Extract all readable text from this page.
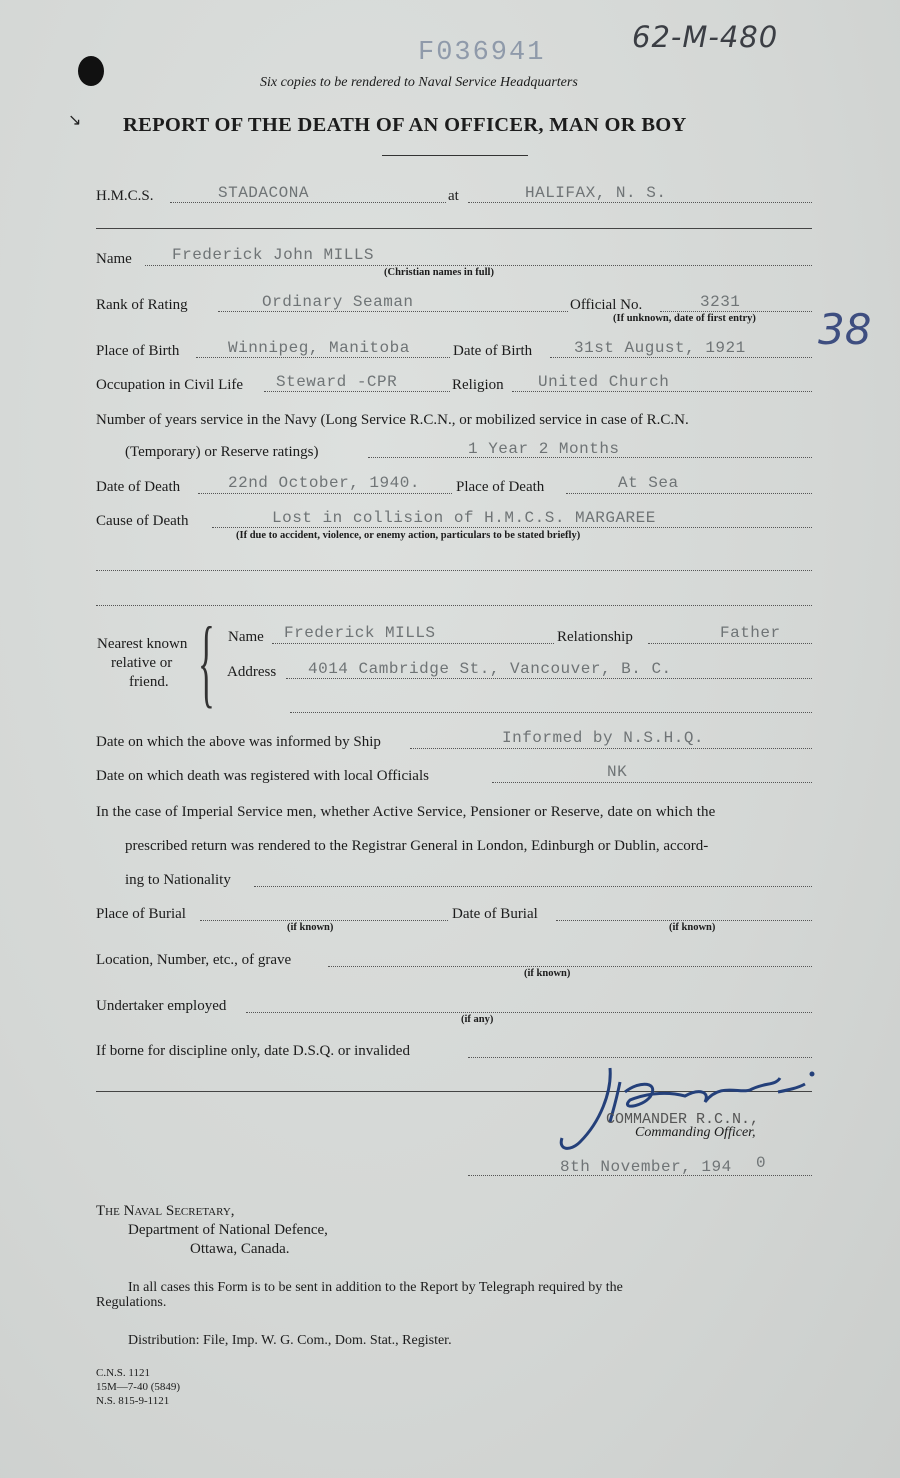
↘
F036941	62-M-480
Six copies to be rendered to Naval Service Headquarters
REPORT OF THE DEATH OF AN OFFICER, MAN OR BOY
H.M.C.S.	STADACONA	at	HALIFAX, N. S.
Name	Frederick John MILLS
(Christian names in full)
Rank of Rating	Ordinary Seaman	Official No.	3231
(If unknown, date of first entry) 38
Place of Birth	Winnipeg, Manitoba	Date of Birth	31st August, 1921
Occupation in Civil Life Steward -CPR	Religion United Church
Number of years service in the Navy (Long Service R.C.N., or mobilized service in case of R.C.N.
(Temporary) or Reserve ratings)	1 Year 2 Months
Date of Death	22nd October, 1940. Place of Death	At Sea
Cause of Death	Lost in collision of H.M.C.S. MARGAREE
(If due to accident, violence, or enemy action, particulars to be stated briefly)
Nearest known
relative or
friend. { Name Frederick MILLS	Relationship	Father
Address 4014 Cambridge St., Vancouver, B. C.
Date on which the above was informed by Ship	Informed by N.S.H.Q.
Date on which death was registered with local Officials	NK
In the case of Imperial Service men, whether Active Service, Pensioner or Reserve, date on which the
prescribed return was rendered to the Registrar General in London, Edinburgh or Dublin, accord-
ing to Nationality
Place of Burial
(if known)
Date of Burial
(if known)
Location, Number, etc., of grave
(if known)
Undertaker employed
(if any)
If borne for discipline only, date D.S.Q. or invalided
COMMANDER R.C.N.,
Commanding Officer,
8th November, 194 0
The Naval Secretary,
Department of National Defence,
Ottawa, Canada.
In all cases this Form is to be sent in addition to the Report by Telegraph required by the
Regulations.
Distribution: File, Imp. W. G. Com., Dom. Stat., Register.
C.N.S. 1121
15M—7-40 (5849)
N.S. 815-9-1121
